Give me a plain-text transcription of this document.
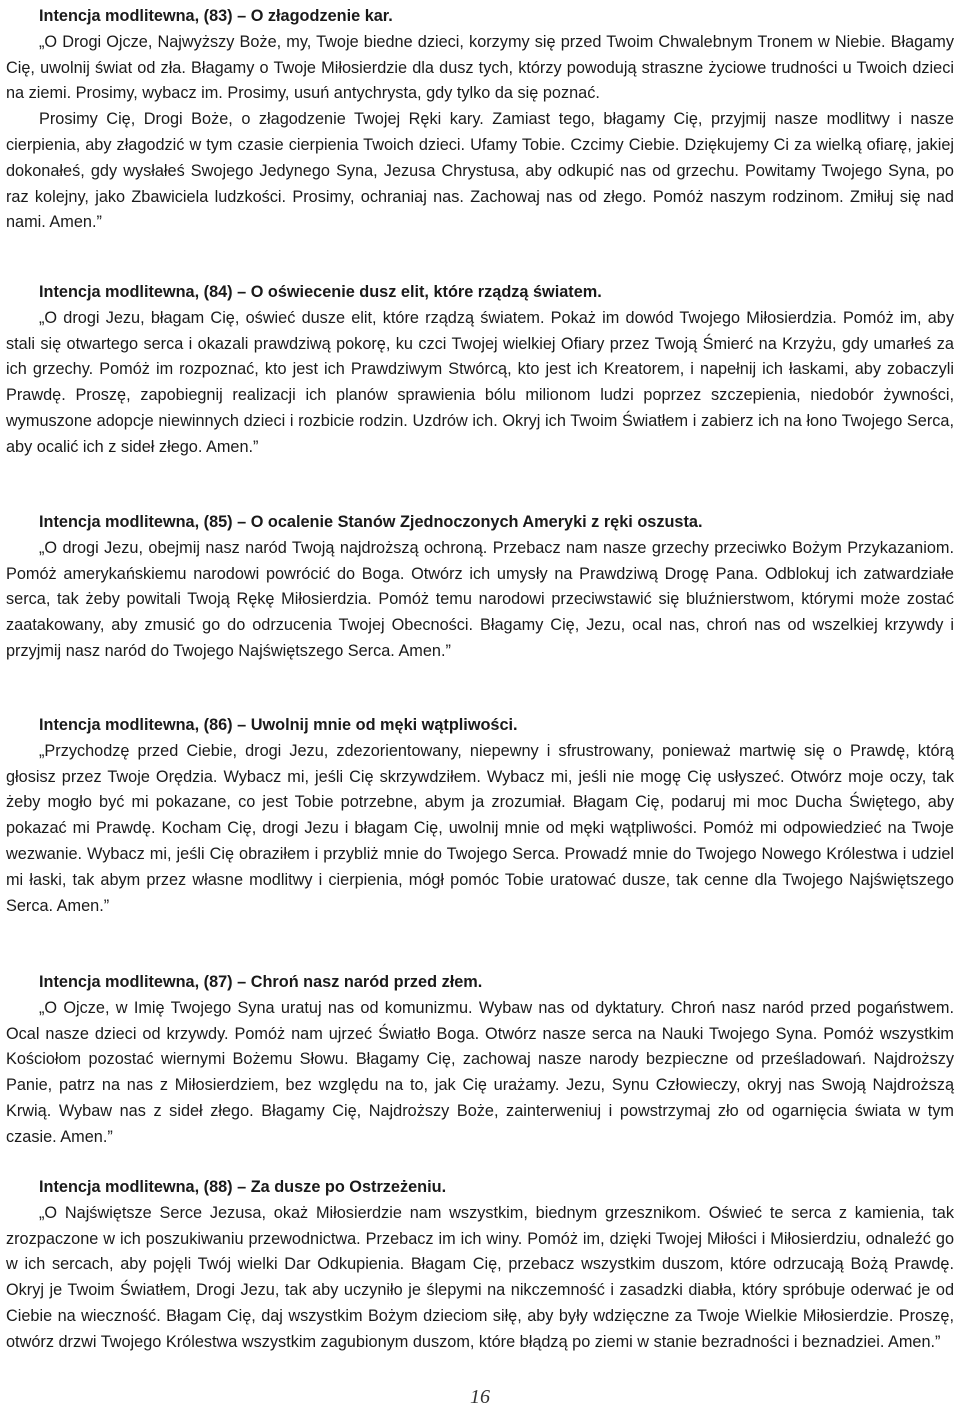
Intencja modlitewna, (83) – O złagodzenie kar.

„O Drogi Ojcze, Najwyższy Boże, my, Twoje biedne dzieci, korzymy się przed Twoim Chwalebnym Tronem w Niebie. Błagamy Cię, uwolnij świat od zła. Błagamy o Twoje Miłosierdzie dla dusz tych, którzy powodują straszne życiowe trudności u Twoich dzieci na ziemi. Prosimy, wybacz im. Prosimy, usuń antychrysta, gdy tylko da się poznać.

Prosimy Cię, Drogi Boże, o złagodzenie Twojej Ręki kary. Zamiast tego, błagamy Cię, przyjmij nasze modlitwy i nasze cierpienia, aby złagodzić w tym czasie cierpienia Twoich dzieci. Ufamy Tobie. Czcimy Ciebie. Dziękujemy Ci za wielką ofiarę, jakiej dokonałeś, gdy wysłałeś Swojego Jedynego Syna, Jezusa Chrystusa, aby odkupić nas od grzechu. Powitamy Twojego Syna, po raz kolejny, jako Zbawiciela ludzkości. Prosimy, ochraniaj nas. Zachowaj nas od złego. Pomóż naszym rodzinom. Zmiłuj się nad nami. Amen.”

Intencja modlitewna, (84) – O oświecenie dusz elit, które rządzą światem.

„O drogi Jezu, błagam Cię, oświeć dusze elit, które rządzą światem. Pokaż im dowód Twojego Miłosierdzia. Pomóż im, aby stali się otwartego serca i okazali prawdziwą pokorę, ku czci Twojej wielkiej Ofiary przez Twoją Śmierć na Krzyżu, gdy umarłeś za ich grzechy. Pomóż im rozpoznać, kto jest ich Prawdziwym Stwórcą, kto jest ich Kreatorem, i napełnij ich łaskami, aby zobaczyli Prawdę. Proszę, zapobiegnij realizacji ich planów sprawienia bólu milionom ludzi poprzez szczepienia, niedobór żywności, wymuszone adopcje niewinnych dzieci i rozbicie rodzin. Uzdrów ich. Okryj ich Twoim Światłem i zabierz ich na łono Twojego Serca, aby ocalić ich z sideł złego. Amen.”

Intencja modlitewna, (85) – O ocalenie Stanów Zjednoczonych Ameryki z ręki oszusta.

„O drogi Jezu, obejmij nasz naród Twoją najdroższą ochroną. Przebacz nam nasze grzechy przeciwko Bożym Przykazaniom. Pomóż amerykańskiemu narodowi powrócić do Boga. Otwórz ich umysły na Prawdziwą Drogę Pana. Odblokuj ich zatwardziałe serca, tak żeby powitali Twoją Rękę Miłosierdzia. Pomóż temu narodowi przeciwstawić się bluźnierstwom, którymi może zostać zaatakowany, aby zmusić go do odrzucenia Twojej Obecności. Błagamy Cię, Jezu, ocal nas, chroń nas od wszelkiej krzywdy i przyjmij nasz naród do Twojego Najświętszego Serca. Amen.”

Intencja modlitewna, (86) – Uwolnij mnie od męki wątpliwości.

„Przychodzę przed Ciebie, drogi Jezu, zdezorientowany, niepewny i sfrustrowany, ponieważ martwię się o Prawdę, którą głosisz przez Twoje Orędzia. Wybacz mi, jeśli Cię skrzywdziłem. Wybacz mi, jeśli nie mogę Cię usłyszeć. Otwórz moje oczy, tak żeby mogło być mi pokazane, co jest Tobie potrzebne, abym ja zrozumiał. Błagam Cię, podaruj mi moc Ducha Świętego, aby pokazać mi Prawdę. Kocham Cię, drogi Jezu i błagam Cię, uwolnij mnie od męki wątpliwości. Pomóż mi odpowiedzieć na Twoje wezwanie. Wybacz mi, jeśli Cię obraziłem i przybliż mnie do Twojego Serca. Prowadź mnie do Twojego Nowego Królestwa i udziel mi łaski, tak abym przez własne modlitwy i cierpienia, mógł pomóc Tobie uratować dusze, tak cenne dla Twojego Najświętszego Serca. Amen.”

Intencja modlitewna, (87) – Chroń nasz naród przed złem.

„O Ojcze, w Imię Twojego Syna uratuj nas od komunizmu. Wybaw nas od dyktatury. Chroń nasz naród przed pogaństwem. Ocal nasze dzieci od krzywdy. Pomóż nam ujrzeć Światło Boga. Otwórz nasze serca na Nauki Twojego Syna. Pomóż wszystkim Kościołom pozostać wiernymi Bożemu Słowu. Błagamy Cię, zachowaj nasze narody bezpieczne od prześladowań. Najdroższy Panie, patrz na nas z Miłosierdziem, bez względu na to, jak Cię urażamy. Jezu, Synu Człowieczy, okryj nas Swoją Najdroższą Krwią. Wybaw nas z sideł złego. Błagamy Cię, Najdroższy Boże, zainterweniuj i powstrzymaj zło od ogarnięcia świata w tym czasie. Amen.”

Intencja modlitewna, (88) – Za dusze po Ostrzeżeniu.

„O Najświętsze Serce Jezusa, okaż Miłosierdzie nam wszystkim, biednym grzesznikom. Oświeć te serca z kamienia, tak zrozpaczone w ich poszukiwaniu przewodnictwa. Przebacz im ich winy. Pomóż im, dzięki Twojej Miłości i Miłosierdziu, odnaleźć go w ich sercach, aby pojęli Twój wielki Dar Odkupienia. Błagam Cię, przebacz wszystkim duszom, które odrzucają Bożą Prawdę. Okryj je Twoim Światłem, Drogi Jezu, tak aby uczyniło je ślepymi na nikczemność i zasadzki diabła, który spróbuje oderwać je od Ciebie na wieczność. Błagam Cię, daj wszystkim Bożym dzieciom siłę, aby były wdzięczne za Twoje Wielkie Miłosierdzie. Proszę, otwórz drzwi Twojego Królestwa wszystkim zagubionym duszom, które błądzą po ziemi w stanie bezradności i beznadziei. Amen.”

16
